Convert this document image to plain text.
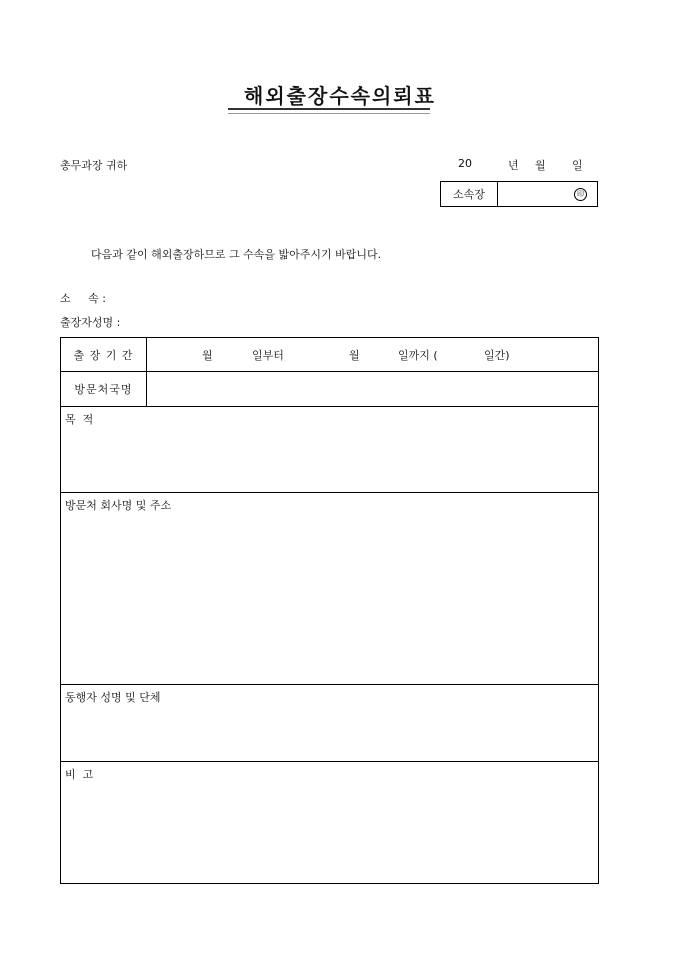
해외출장수속의뢰표
총무과장 귀하	20	년 월 일
소속장	印
다음과 같이 해외출장하므로 그 수속을 밟아주시기 바랍니다.
소     속 :
출장자성명 :
출 장 기 간	월 일부터 월 일까지 ( 일간)

방문처국명	
목  적	
방문처 회사명 및 주소	
동행자 성명 및 단체	
비  고	
